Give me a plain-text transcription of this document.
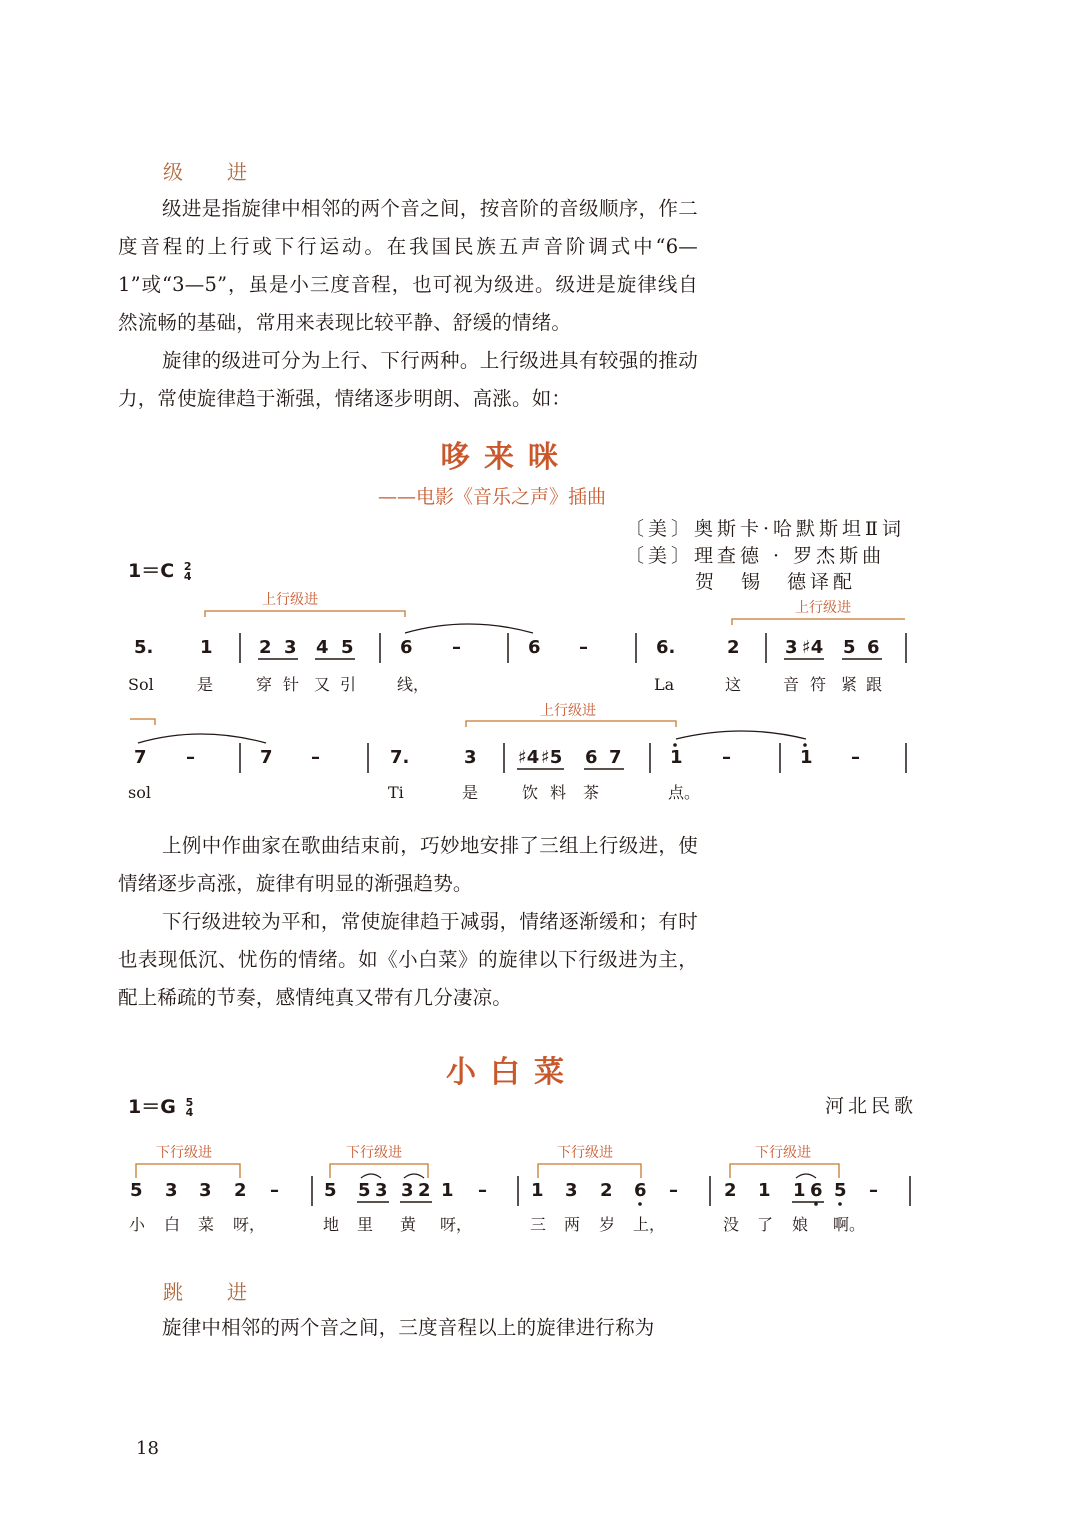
级　进
级进是指旋律中相邻的两个音之间，按音阶的音级顺序，作二度音程的上行或下行运动。在我国民族五声音阶调式中“6—1”或“3—5”，虽是小三度音程，也可视为级进。级进是旋律线自然流畅的基础，常用来表现比较平静、舒缓的情绪。
旋律的级进可分为上行、下行两种。上行级进具有较强的推动力，常使旋律趋于渐强，情绪逐步明朗、高涨。如：
哆来咪
——电影《音乐之声》插曲
〔美〕奥斯卡·哈默斯坦Ⅱ词
〔美〕理查德 · 罗杰斯曲
贺　锡　德译配
1＝C 2
4
上行级进	上行级进
5.	1	2 3 4 5	6 –	6 –	6.	2	3 ♯4 5 6
Sol	是	穿 针 又 引	线，	La	这	音 符 紧 跟
上行级进
7 –	7 –	7.	3 ♯4 ♯5 6 7	1 –	1 –
sol	Ti	是	饮 料 茶	点。
上例中作曲家在歌曲结束前，巧妙地安排了三组上行级进，使情绪逐步高涨，旋律有明显的渐强趋势。
下行级进较为平和，常使旋律趋于减弱，情绪逐渐缓和；有时也表现低沉、忧伤的情绪。如《小白菜》的旋律以下行级进为主，配上稀疏的节奏，感情纯真又带有几分凄凉。
小白菜
1＝G 5
4	河北民歌
下行级进	下行级进	下行级进	下行级进
5 3 3 2 –	5 5 3 3 2 1 – 1 3 2 6 –	2 1 1 6 5 –
小 白 菜 呀，	地 里 黄 呀，	三 两 岁 上，	没 了 娘 啊。
跳　进
旋律中相邻的两个音之间，三度音程以上的旋律进行称为
18
